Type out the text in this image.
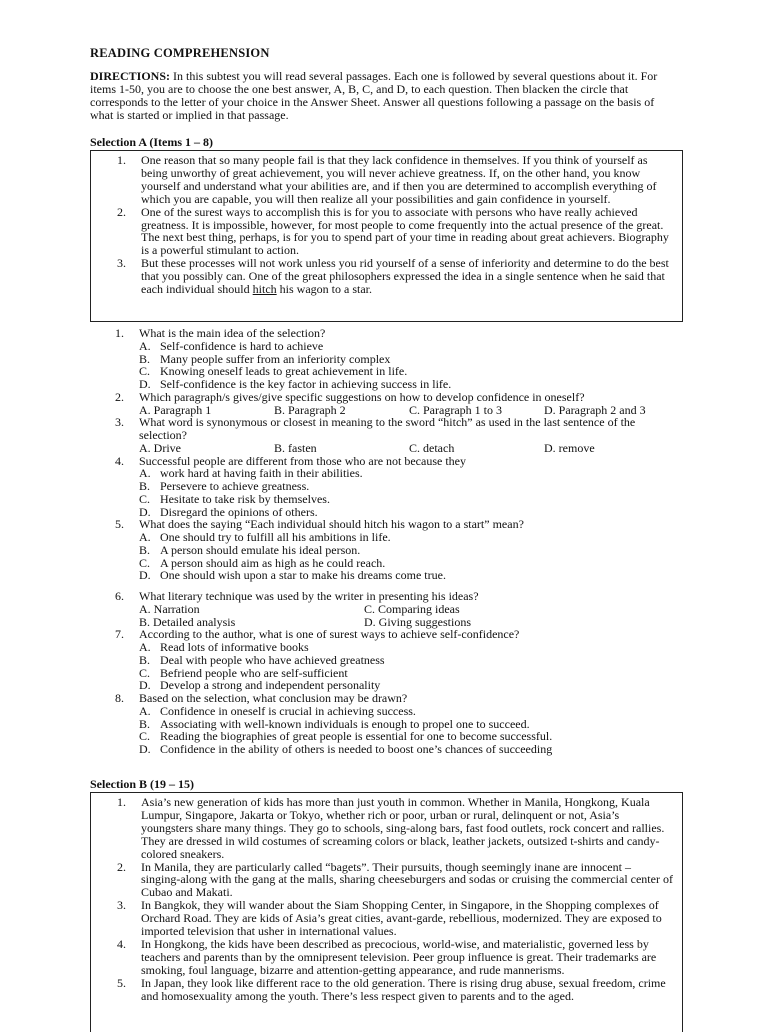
READING COMPREHENSION
DIRECTIONS: In this subtest you will read several passages. Each one is followed by several questions about it. For items 1-50, you are to choose the one best answer, A, B, C, and D, to each question. Then blacken the circle that corresponds to the letter of your choice in the Answer Sheet. Answer all questions following a passage on the basis of what is started or implied in that passage.
Selection A (Items 1 – 8)
1. One reason that so many people fail is that they lack confidence in themselves. If you think of yourself as being unworthy of great achievement, you will never achieve greatness. If, on the other hand, you know yourself and understand what your abilities are, and if then you are determined to accomplish everything of which you are capable, you will then realize all your possibilities and gain confidence in yourself.
2. One of the surest ways to accomplish this is for you to associate with persons who have really achieved greatness. It is impossible, however, for most people to come frequently into the actual presence of the great. The next best thing, perhaps, is for you to spend part of your time in reading about great achievers. Biography is a powerful stimulant to action.
3. But these processes will not work unless you rid yourself of a sense of inferiority and determine to do the best that you possibly can. One of the great philosophers expressed the idea in a single sentence when he said that each individual should hitch his wagon to a star.
1. What is the main idea of the selection?
A. Self-confidence is hard to achieve
B. Many people suffer from an inferiority complex
C. Knowing oneself leads to great achievement in life.
D. Self-confidence is the key factor in achieving success in life.
2. Which paragraph/s gives/give specific suggestions on how to develop confidence in oneself?
A. Paragraph 1	B. Paragraph 2	C. Paragraph 1 to 3	D. Paragraph 2 and 3
3. What word is synonymous or closest in meaning to the sword “hitch” as used in the last sentence of the selection?
A. Drive	B. fasten	C. detach	D. remove
4. Successful people are different from those who are not because they
A. work hard at having faith in their abilities.
B. Persevere to achieve greatness.
C. Hesitate to take risk by themselves.
D. Disregard the opinions of others.
5. What does the saying “Each individual should hitch his wagon to a start” mean?
A. One should try to fulfill all his ambitions in life.
B. A person should emulate his ideal person.
C. A person should aim as high as he could reach.
D. One should wish upon a star to make his dreams come true.
6. What literary technique was used by the writer in presenting his ideas?
A. Narration	C. Comparing ideas
B. Detailed analysis	D. Giving suggestions
7. According to the author, what is one of surest ways to achieve self-confidence?
A. Read lots of informative books
B. Deal with people who have achieved greatness
C. Befriend people who are self-sufficient
D. Develop a strong and independent personality
8. Based on the selection, what conclusion may be drawn?
A. Confidence in oneself is crucial in achieving success.
B. Associating with well-known individuals is enough to propel one to succeed.
C. Reading the biographies of great people is essential for one to become successful.
D. Confidence in the ability of others is needed to boost one’s chances of succeeding
Selection B (19 – 15)
1. Asia’s new generation of kids has more than just youth in common. Whether in Manila, Hongkong, Kuala Lumpur, Singapore, Jakarta or Tokyo, whether rich or poor, urban or rural, delinquent or not, Asia’s youngsters share many things. They go to schools, sing-along bars, fast food outlets, rock concert and rallies. They are dressed in wild costumes of screaming colors or black, leather jackets, outsized t-shirts and candy-colored sneakers.
2. In Manila, they are particularly called “bagets”. Their pursuits, though seemingly inane are innocent – singing-along with the gang at the malls, sharing cheeseburgers and sodas or cruising the commercial center of Cubao and Makati.
3. In Bangkok, they will wander about the Siam Shopping Center, in Singapore, in the Shopping complexes of Orchard Road. They are kids of Asia’s great cities, avant-garde, rebellious, modernized. They are exposed to imported television that usher in international values.
4. In Hongkong, the kids have been described as precocious, world-wise, and materialistic, governed less by teachers and parents than by the omnipresent television. Peer group influence is great. Their trademarks are smoking, foul language, bizarre and attention-getting appearance, and rude mannerisms.
5. In Japan, they look like different race to the old generation. There is rising drug abuse, sexual freedom, crime and homosexuality among the youth. There’s less respect given to parents and to the aged.
